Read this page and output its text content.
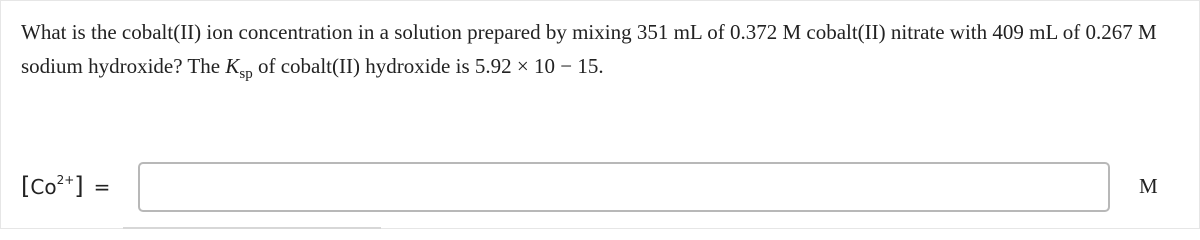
What is the cobalt(II) ion concentration in a solution prepared by mixing 351 mL of 0.372 M cobalt(II) nitrate with 409 mL of 0.267 M sodium hydroxide? The $K_{sp}$ of cobalt(II) hydroxide is 5.92 × 10 − 15.
$[Co^{2+}]$ =	M
